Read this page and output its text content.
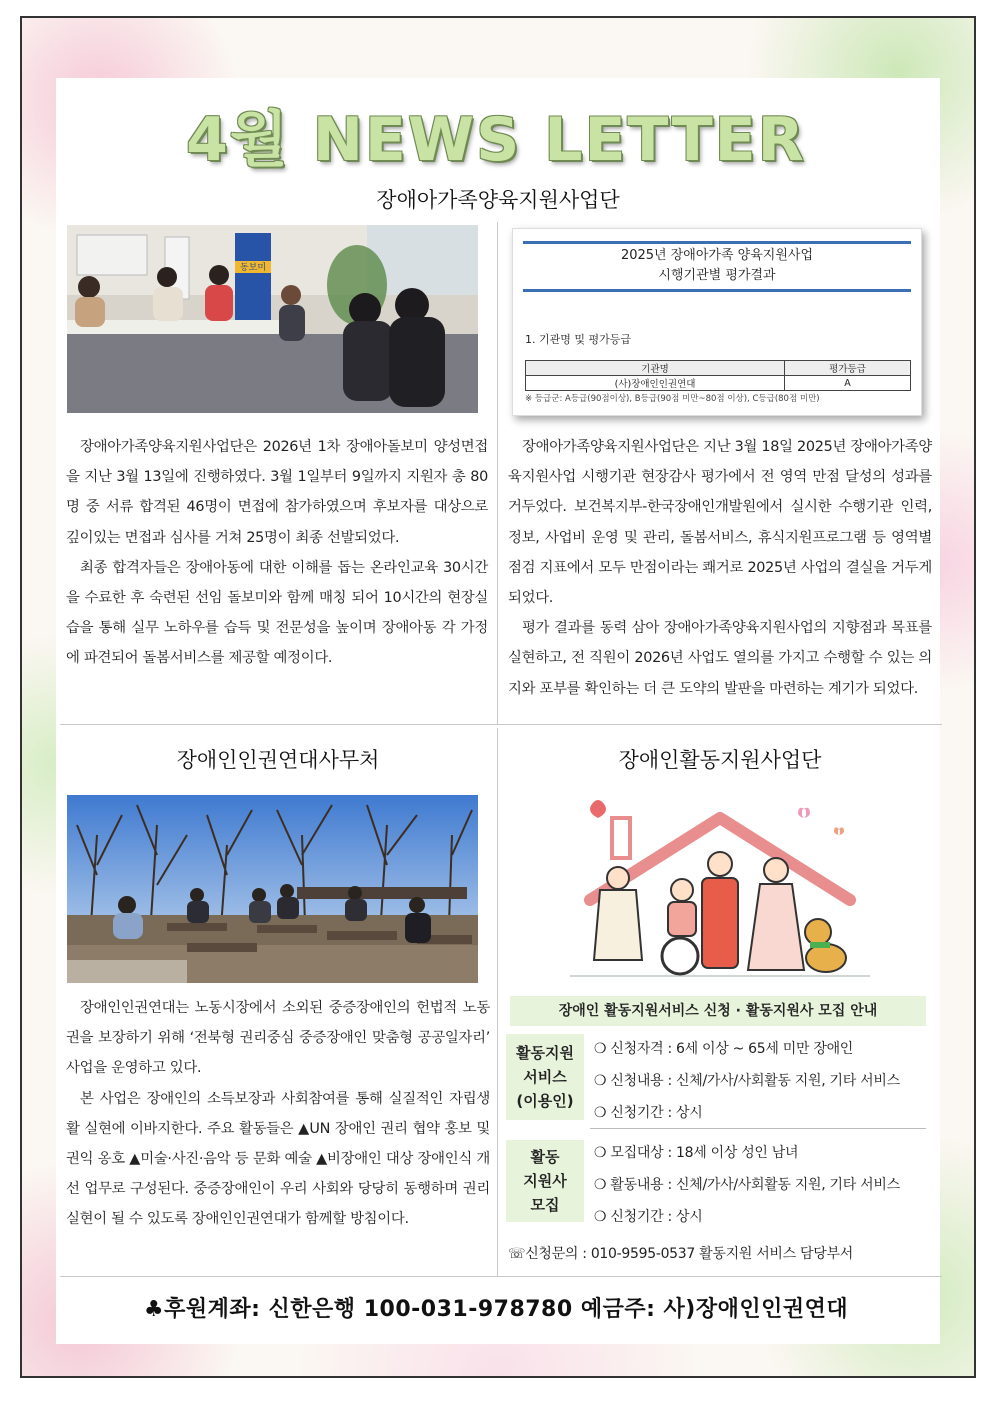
4월 NEWS LETTER
장애아가족양육지원사업단
동보미
2025년 장애아가족 양육지원사업
시행기관별 평가결과
1. 기관명 및 평가등급
기관명	평가등급
(사)장애인인권연대	A
※ 등급군: A등급(90점이상), B등급(90점 미만~80점 이상), C등급(80점 미만)

장애아가족양육지원사업단은 2026년 1차 장애아돌보미 양성면접을 지난 3월 13일에 진행하였다. 3월 1일부터 9일까지 지원자 총 80명 중 서류 합격된 46명이 면접에 참가하였으며 후보자를 대상으로 깊이있는 면접과 심사를 거쳐 25명이 최종 선발되었다.

최종 합격자들은 장애아동에 대한 이해를 돕는 온라인교육 30시간을 수료한 후 숙련된 선임 돌보미와 함께 매칭 되어 10시간의 현장실습을 통해 실무 노하우를 습득 및 전문성을 높이며 장애아동 각 가정에 파견되어 돌봄서비스를 제공할 예정이다.

장애아가족양육지원사업단은 지난 3월 18일 2025년 장애아가족양육지원사업 시행기관 현장감사 평가에서 전 영역 만점 달성의 성과를 거두었다. 보건복지부-한국장애인개발원에서 실시한 수행기관 인력, 정보, 사업비 운영 및 관리, 돌봄서비스, 휴식지원프로그램 등 영역별 점검 지표에서 모두 만점이라는 쾌거로 2025년 사업의 결실을 거두게 되었다.

평가 결과를 동력 삼아 장애아가족양육지원사업의 지향점과 목표를 실현하고, 전 직원이 2026년 사업도 열의를 가지고 수행할 수 있는 의지와 포부를 확인하는 더 큰 도약의 발판을 마련하는 계기가 되었다.

장애인인권연대사무처	장애인활동지원사업단

장애인인권연대는 노동시장에서 소외된 중증장애인의 헌법적 노동권을 보장하기 위해 ‘전북형 권리중심 중증장애인 맞춤형 공공일자리’ 사업을 운영하고 있다.

본 사업은 장애인의 소득보장과 사회참여를 통해 실질적인 자립생활 실현에 이바지한다. 주요 활동들은 ▲UN 장애인 권리 협약 홍보 및 권익 옹호 ▲미술·사진·음악 등 문화 예술 ▲비장애인 대상 장애인식 개선 업무로 구성된다. 중증장애인이 우리 사회와 당당히 동행하며 권리 실현이 될 수 있도록 장애인인권연대가 함께할 방침이다.

장애인 활동지원서비스 신청 · 활동지원사 모집 안내
활동지원
서비스
(이용인)
❍ 신청자격 : 6세 이상 ~ 65세 미만 장애인
❍ 신청내용 : 신체/가사/사회활동 지원, 기타 서비스
❍ 신청기간 : 상시
활동
지원사
모집
❍ 모집대상 : 18세 이상 성인 남녀
❍ 활동내용 : 신체/가사/사회활동 지원, 기타 서비스
❍ 신청기간 : 상시
☏신청문의 : 010-9595-0537 활동지원 서비스 담당부서
♣후원계좌: 신한은행 100-031-978780 예금주: 사)장애인인권연대
